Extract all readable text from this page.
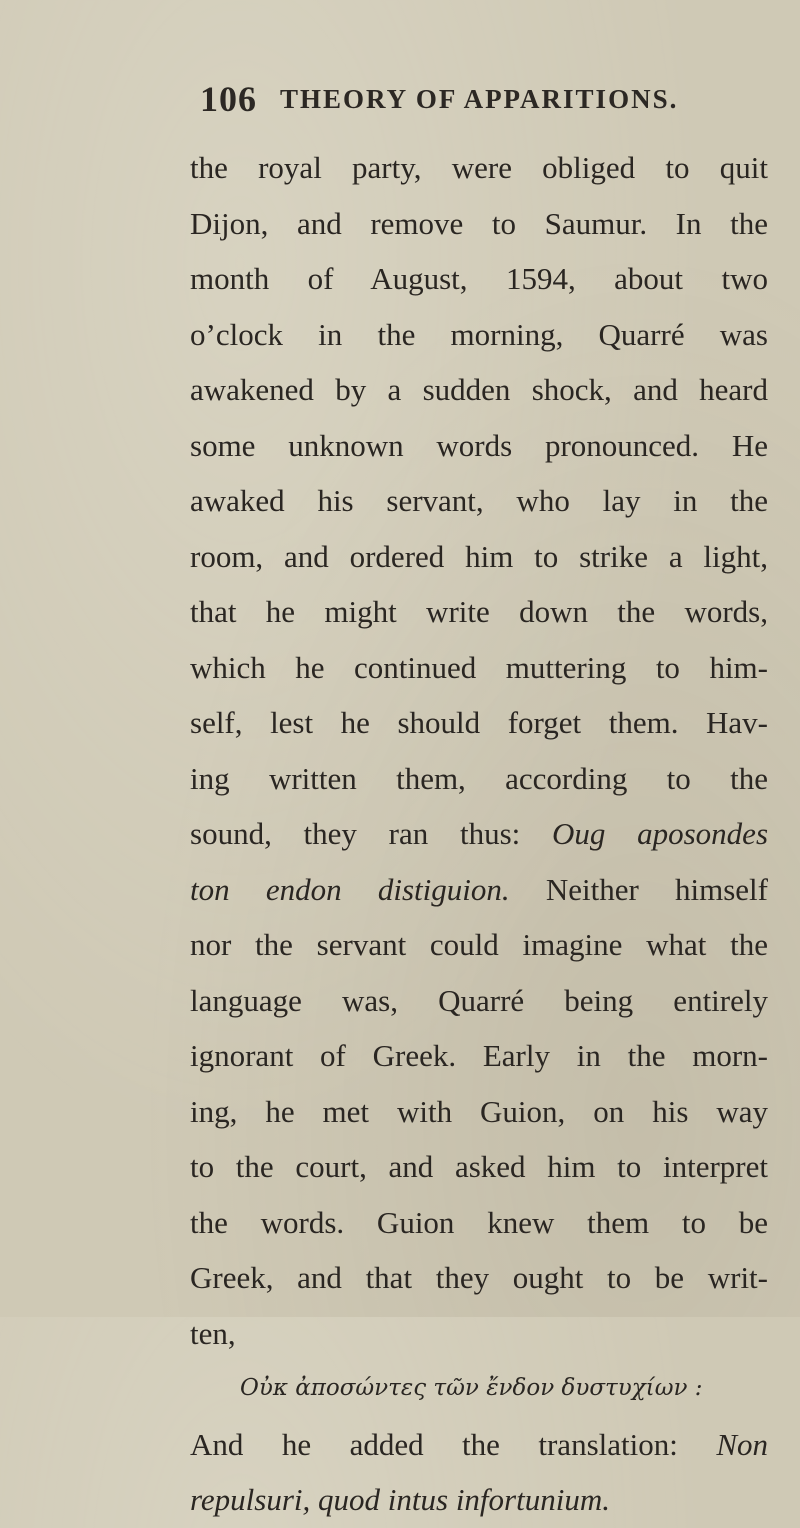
106 THEORY OF APPARITIONS.
the royal party, were obliged to quit
Dijon, and remove to Saumur. In the
month of August, 1594, about two
o’clock in the morning, Quarré was
awakened by a sudden shock, and heard
some unknown words pronounced. He
awaked his servant, who lay in the
room, and ordered him to strike a light,
that he might write down the words,
which he continued muttering to him-
self, lest he should forget them. Hav-
ing written them, according to the
sound, they ran thus: Oug aposondes
ton endon distiguion. Neither himself
nor the servant could imagine what the
language was, Quarré being entirely
ignorant of Greek. Early in the morn-
ing, he met with Guion, on his way
to the court, and asked him to interpret
the words. Guion knew them to be
Greek, and that they ought to be writ-
ten,
Οὐκ ἀποσώντες τῶν ἔνδον δυστυχίων :
And he added the translation: Non
repulsuri, quod intus infortunium.
